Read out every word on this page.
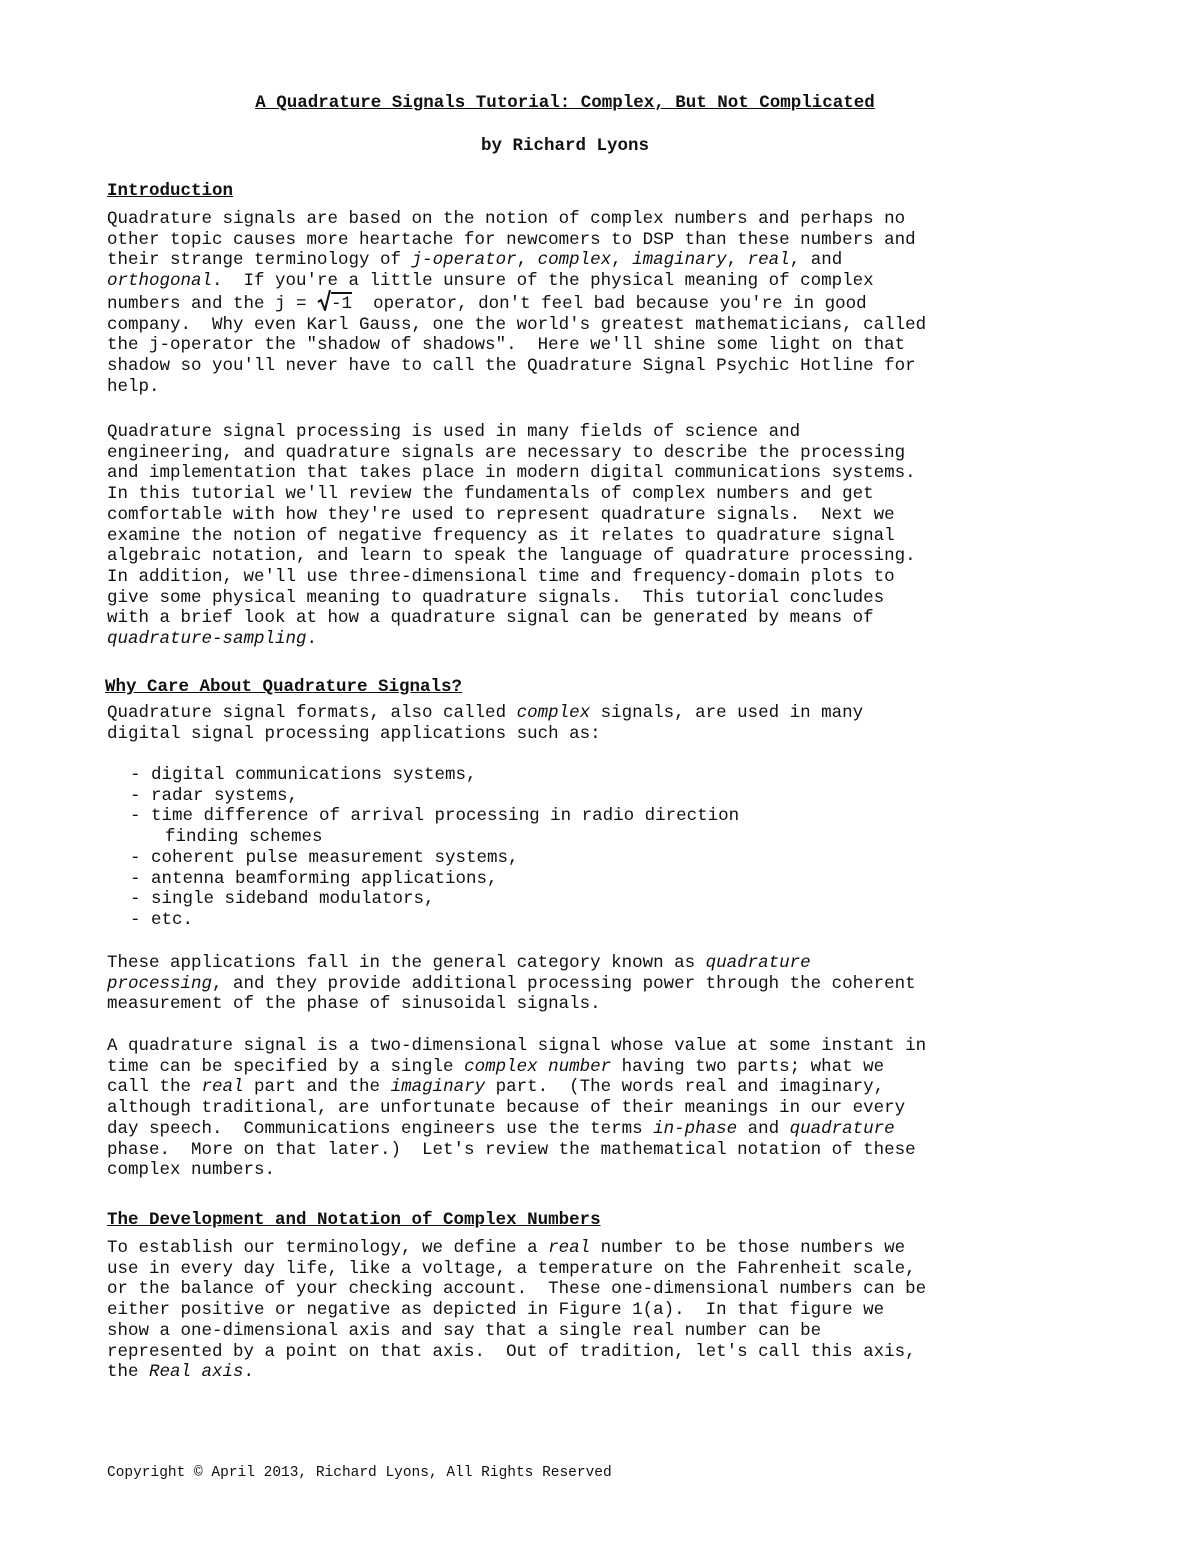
A Quadrature Signals Tutorial: Complex, But Not Complicated
by Richard Lyons
Introduction
Quadrature signals are based on the notion of complex numbers and perhaps no
other topic causes more heartache for newcomers to DSP than these numbers and
their strange terminology of j-operator, complex, imaginary, real, and
orthogonal.  If you're a little unsure of the physical meaning of complex
numbers and the j =
-1  operator, don't feel bad because you're in good
company.  Why even Karl Gauss, one the world's greatest mathematicians, called
the j-operator the "shadow of shadows".  Here we'll shine some light on that
shadow so you'll never have to call the Quadrature Signal Psychic Hotline for
help.
Quadrature signal processing is used in many fields of science and
engineering, and quadrature signals are necessary to describe the processing
and implementation that takes place in modern digital communications systems.
In this tutorial we'll review the fundamentals of complex numbers and get
comfortable with how they're used to represent quadrature signals.  Next we
examine the notion of negative frequency as it relates to quadrature signal
algebraic notation, and learn to speak the language of quadrature processing.
In addition, we'll use three-dimensional time and frequency-domain plots to
give some physical meaning to quadrature signals.  This tutorial concludes
with a brief look at how a quadrature signal can be generated by means of
quadrature-sampling.
Why Care About Quadrature Signals?
Quadrature signal formats, also called complex signals, are used in many
digital signal processing applications such as:
- digital communications systems,
- radar systems,
- time difference of arrival processing in radio direction
finding schemes
- coherent pulse measurement systems,
- antenna beamforming applications,
- single sideband modulators,
- etc.
These applications fall in the general category known as quadrature
processing, and they provide additional processing power through the coherent
measurement of the phase of sinusoidal signals.
A quadrature signal is a two-dimensional signal whose value at some instant in
time can be specified by a single complex number having two parts; what we
call the real part and the imaginary part.  (The words real and imaginary,
although traditional, are unfortunate because of their meanings in our every
day speech.  Communications engineers use the terms in-phase and quadrature
phase.  More on that later.)  Let's review the mathematical notation of these
complex numbers.
The Development and Notation of Complex Numbers
To establish our terminology, we define a real number to be those numbers we
use in every day life, like a voltage, a temperature on the Fahrenheit scale,
or the balance of your checking account.  These one-dimensional numbers can be
either positive or negative as depicted in Figure 1(a).  In that figure we
show a one-dimensional axis and say that a single real number can be
represented by a point on that axis.  Out of tradition, let's call this axis,
the Real axis.
Copyright © April 2013, Richard Lyons, All Rights Reserved
